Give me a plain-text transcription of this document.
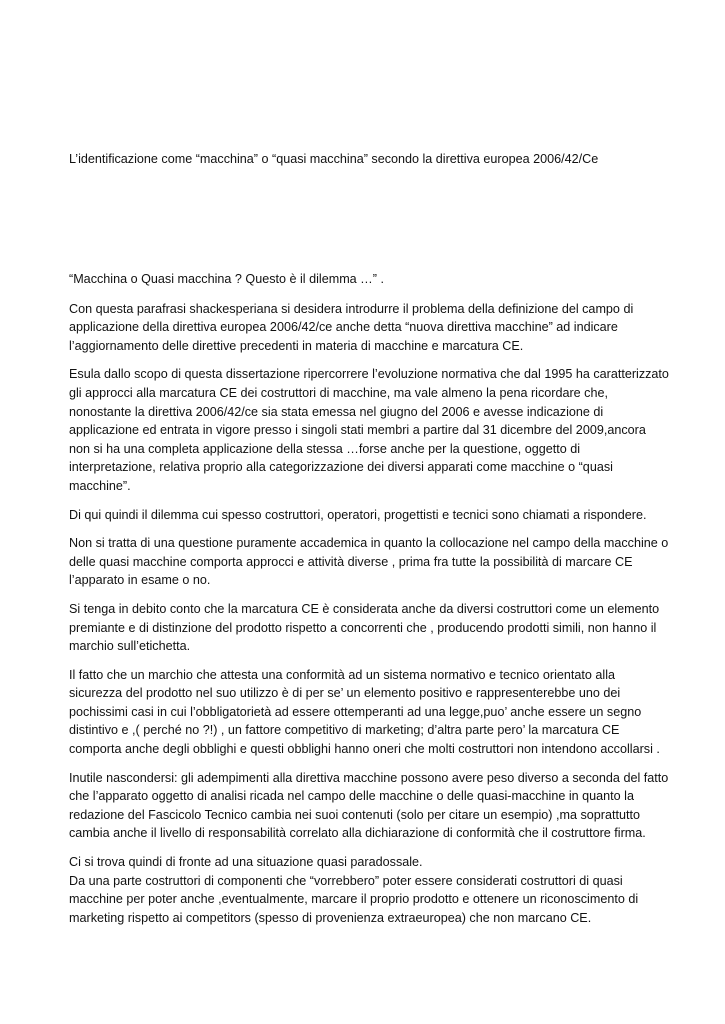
L’identificazione come “macchina” o “quasi macchina” secondo la direttiva europea 2006/42/Ce

“Macchina o Quasi macchina ? Questo è il dilemma …” .

Con questa parafrasi shackesperiana si desidera introdurre il problema della definizione del campo di applicazione della direttiva europea 2006/42/ce anche detta “nuova direttiva macchine” ad indicare l’aggiornamento delle direttive precedenti in materia di macchine e marcatura CE.

Esula dallo scopo di questa dissertazione ripercorrere l’evoluzione normativa che dal 1995 ha caratterizzato gli approcci alla marcatura CE dei costruttori di macchine, ma vale almeno la pena ricordare che, nonostante la direttiva 2006/42/ce sia stata emessa nel giugno del 2006 e avesse indicazione di applicazione ed entrata in vigore presso i singoli stati membri a partire dal 31 dicembre del 2009,ancora non si ha una completa applicazione della stessa …forse anche per la questione, oggetto di interpretazione, relativa proprio alla categorizzazione dei diversi apparati come macchine o “quasi macchine”.

Di qui quindi il dilemma cui spesso costruttori, operatori, progettisti e tecnici sono chiamati a rispondere.

Non si tratta di una questione puramente accademica in quanto la collocazione nel campo della macchine o delle quasi macchine comporta approcci e attività diverse , prima fra tutte la possibilità di marcare CE l’apparato in esame o no.

Si tenga in debito conto che la marcatura CE è considerata anche da diversi costruttori come un elemento premiante e di distinzione del prodotto rispetto a concorrenti che , producendo prodotti simili, non hanno il marchio sull’etichetta.

Il fatto che un marchio che attesta una conformità ad un sistema normativo e tecnico orientato alla sicurezza del prodotto nel suo utilizzo è di per se’ un elemento positivo e rappresenterebbe uno dei pochissimi casi in cui l’obbligatorietà ad essere ottemperanti ad una legge,puo’ anche essere un segno distintivo e ,( perché no ?!) , un fattore competitivo di marketing; d’altra parte pero’ la marcatura CE comporta anche degli obblighi e questi obblighi hanno oneri che molti costruttori non intendono accollarsi .

Inutile nascondersi: gli adempimenti alla direttiva macchine possono avere peso diverso a seconda del fatto che l’apparato oggetto di analisi ricada nel campo delle macchine o delle quasi-macchine in quanto la redazione del Fascicolo Tecnico cambia nei suoi contenuti (solo per citare un esempio) ,ma soprattutto cambia anche il livello di responsabilità correlato alla dichiarazione di conformità che il costruttore firma.

Ci si trova quindi di fronte ad una situazione quasi paradossale.
Da una parte costruttori di componenti che “vorrebbero” poter essere considerati costruttori di quasi macchine per poter anche ,eventualmente, marcare il proprio prodotto e ottenere un riconoscimento di marketing rispetto ai competitors (spesso di provenienza extraeuropea) che non marcano CE.
